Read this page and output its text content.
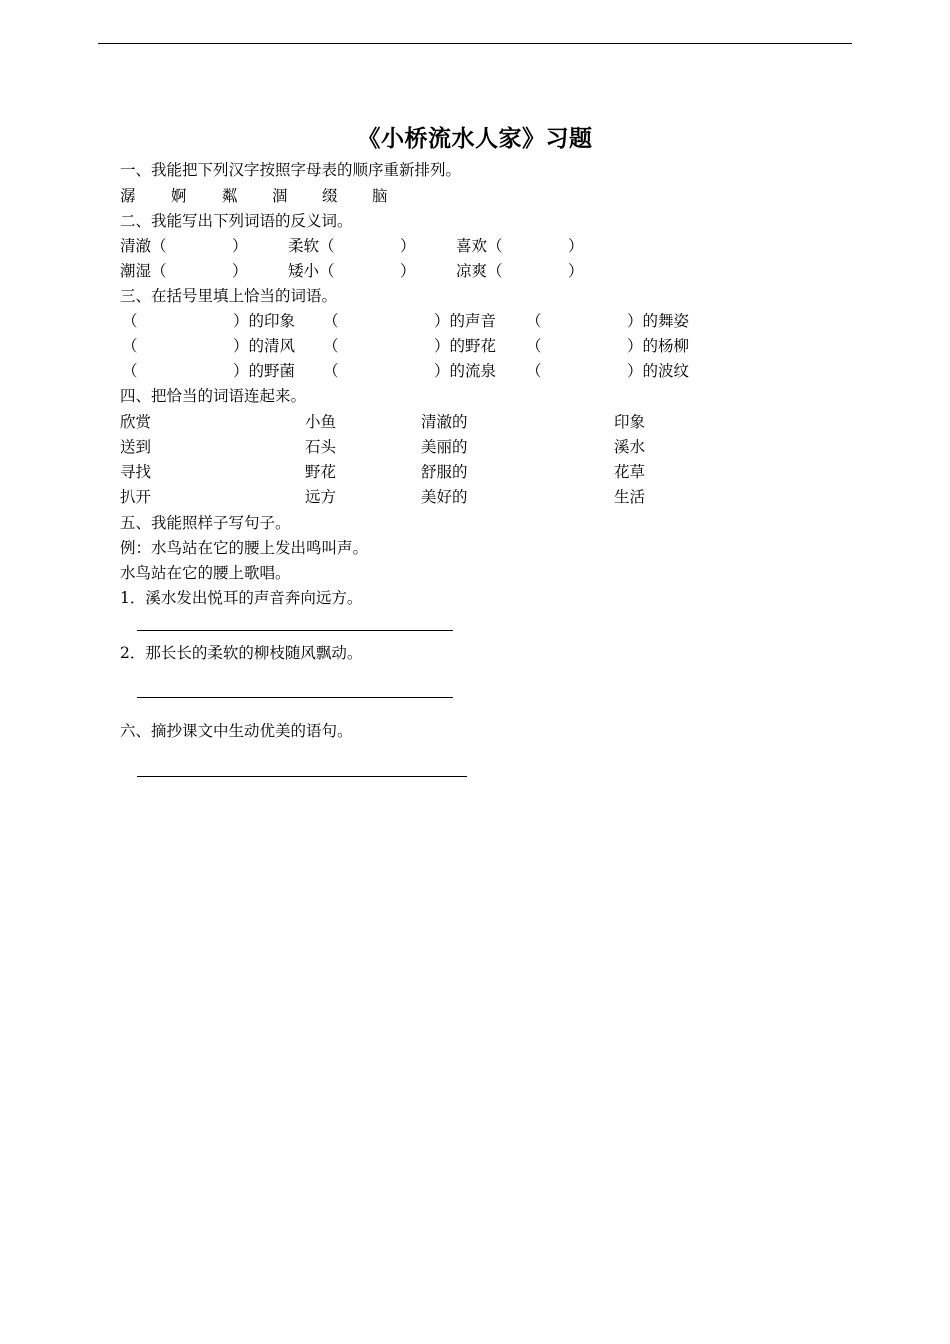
《小桥流水人家》习题
一、我能把下列汉字按照字母表的顺序重新排列。
潺 婀 粼 涸 缀 脑
二、我能写出下列词语的反义词。
清澈（	）	柔软（	）	喜欢（	）
潮湿（	）	矮小（	）	凉爽（	）
三、在括号里填上恰当的词语。
（	）的印象 （	）的声音 （	）的舞姿
（	）的清风 （	）的野花 （	）的杨柳
（	）的野菌 （	）的流泉 （	）的波纹
四、把恰当的词语连起来。
欣赏	小鱼	清澈的	印象
送到	石头	美丽的	溪水
寻找	野花	舒服的	花草
扒开	远方	美好的	生活
五、我能照样子写句子。
例：水鸟站在它的腰上发出鸣叫声。
水鸟站在它的腰上歌唱。
1．溪水发出悦耳的声音奔向远方。
2．那长长的柔软的柳枝随风飘动。
六、摘抄课文中生动优美的语句。
